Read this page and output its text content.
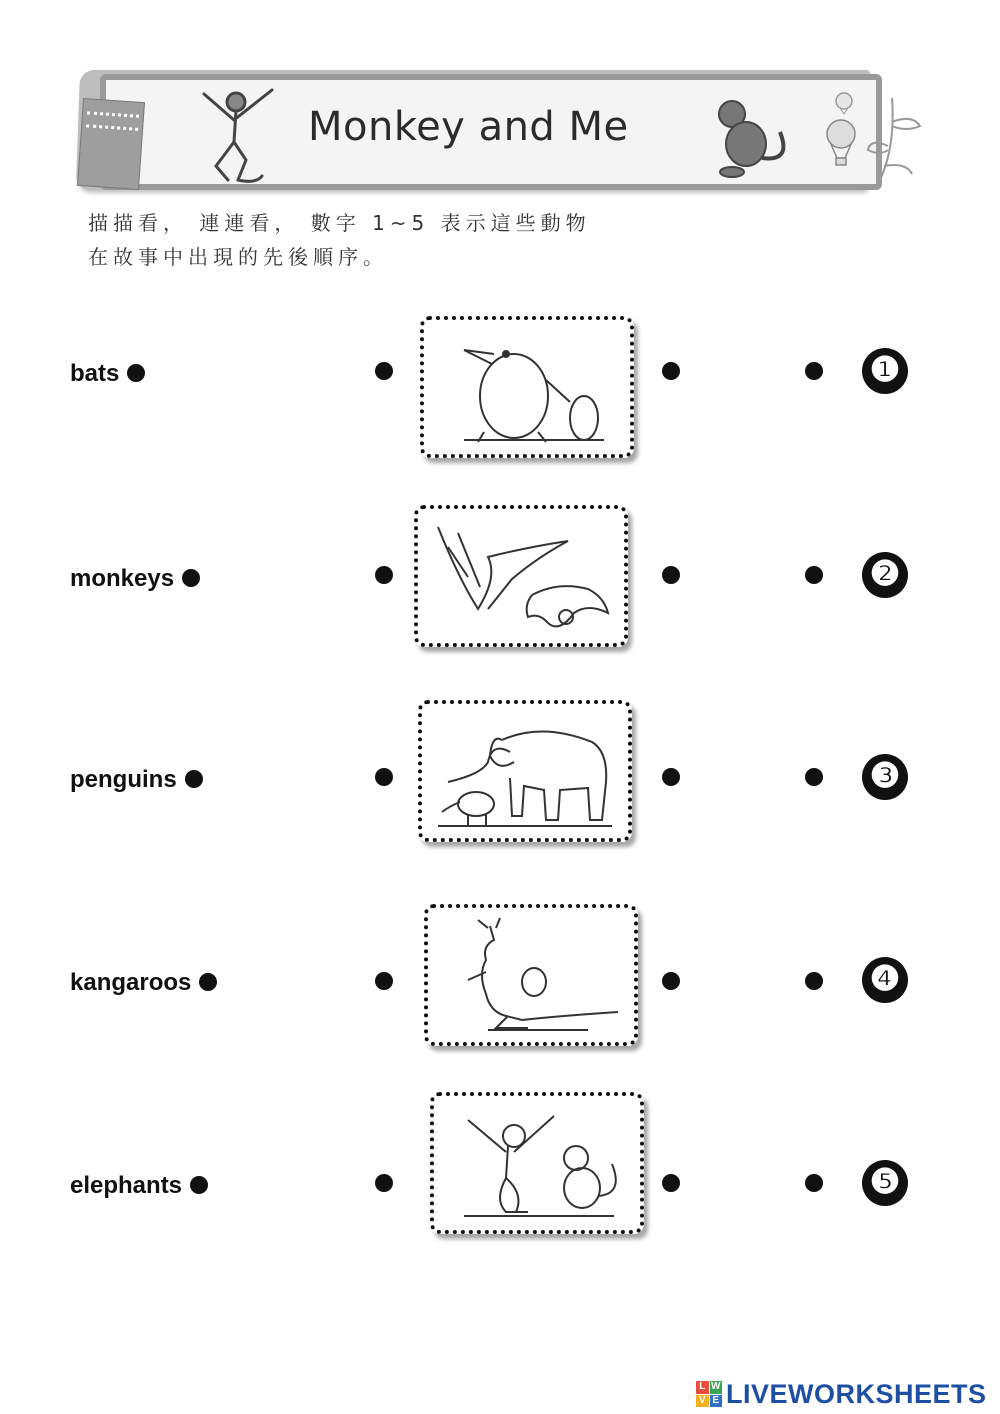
Monkey and Me
描描看， 連連看， 數字 1~5 表示這些動物
在故事中出現的先後順序。
bats	❶
monkeys	❷
penguins	❸
kangaroos	❹
elephants	❺
L W
V E LIVEWORKSHEETS
